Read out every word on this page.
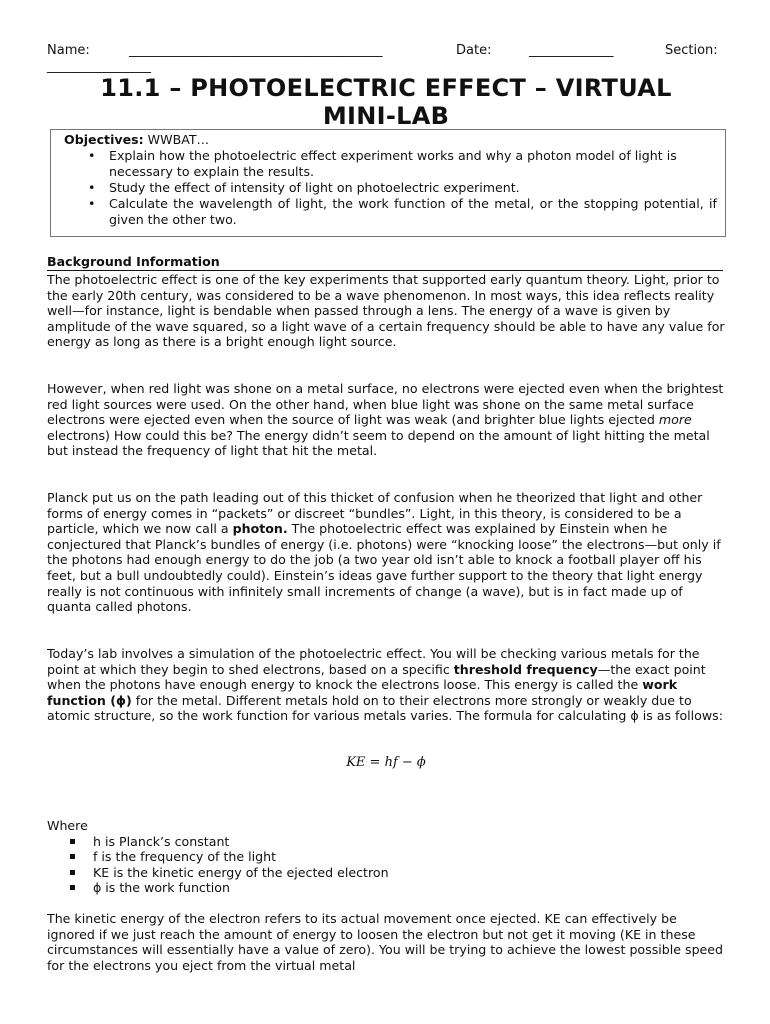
Name:	_______________________________________	Date:	_____________	Section:
________________
11.1 – PHOTOELECTRIC EFFECT – VIRTUAL
MINI-LAB
Objectives: WWBAT…
• Explain how the photoelectric effect experiment works and why a photon model of light is necessary to explain the results.
• Study the effect of intensity of light on photoelectric experiment.
• Calculate the wavelength of light, the work function of the metal, or the stopping potential, if given the other two.
Background Information

The photoelectric effect is one of the key experiments that supported early quantum theory. Light, prior to the early 20th century, was considered to be a wave phenomenon. In most ways, this idea reflects reality well—for instance, light is bendable when passed through a lens. The energy of a wave is given by amplitude of the wave squared, so a light wave of a certain frequency should be able to have any value for energy as long as there is a bright enough light source.

However, when red light was shone on a metal surface, no electrons were ejected even when the brightest red light sources were used. On the other hand, when blue light was shone on the same metal surface electrons were ejected even when the source of light was weak (and brighter blue lights ejected more electrons) How could this be? The energy didn’t seem to depend on the amount of light hitting the metal but instead the frequency of light that hit the metal.

Planck put us on the path leading out of this thicket of confusion when he theorized that light and other forms of energy comes in “packets” or discreet “bundles”. Light, in this theory, is considered to be a particle, which we now call a photon. The photoelectric effect was explained by Einstein when he conjectured that Planck’s bundles of energy (i.e. photons) were “knocking loose” the electrons—but only if the photons had enough energy to do the job (a two year old isn’t able to knock a football player off his feet, but a bull undoubtedly could). Einstein’s ideas gave further support to the theory that light energy really is not continuous with infinitely small increments of change (a wave), but is in fact made up of quanta called photons.

Today’s lab involves a simulation of the photoelectric effect. You will be checking various metals for the point at which they begin to shed electrons, based on a specific threshold frequency—the exact point when the photons have enough energy to knock the electrons loose. This energy is called the work function (ϕ) for the metal. Different metals hold on to their electrons more strongly or weakly due to atomic structure, so the work function for various metals varies. The formula for calculating ϕ is as follows:

KE = hf − ϕ
Where
h is Planck’s constant
f is the frequency of the light
KE is the kinetic energy of the ejected electron
ϕ is the work function

The kinetic energy of the electron refers to its actual movement once ejected. KE can effectively be ignored if we just reach the amount of energy to loosen the electron but not get it moving (KE in these circumstances will essentially have a value of zero). You will be trying to achieve the lowest possible speed for the electrons you eject from the virtual metal
